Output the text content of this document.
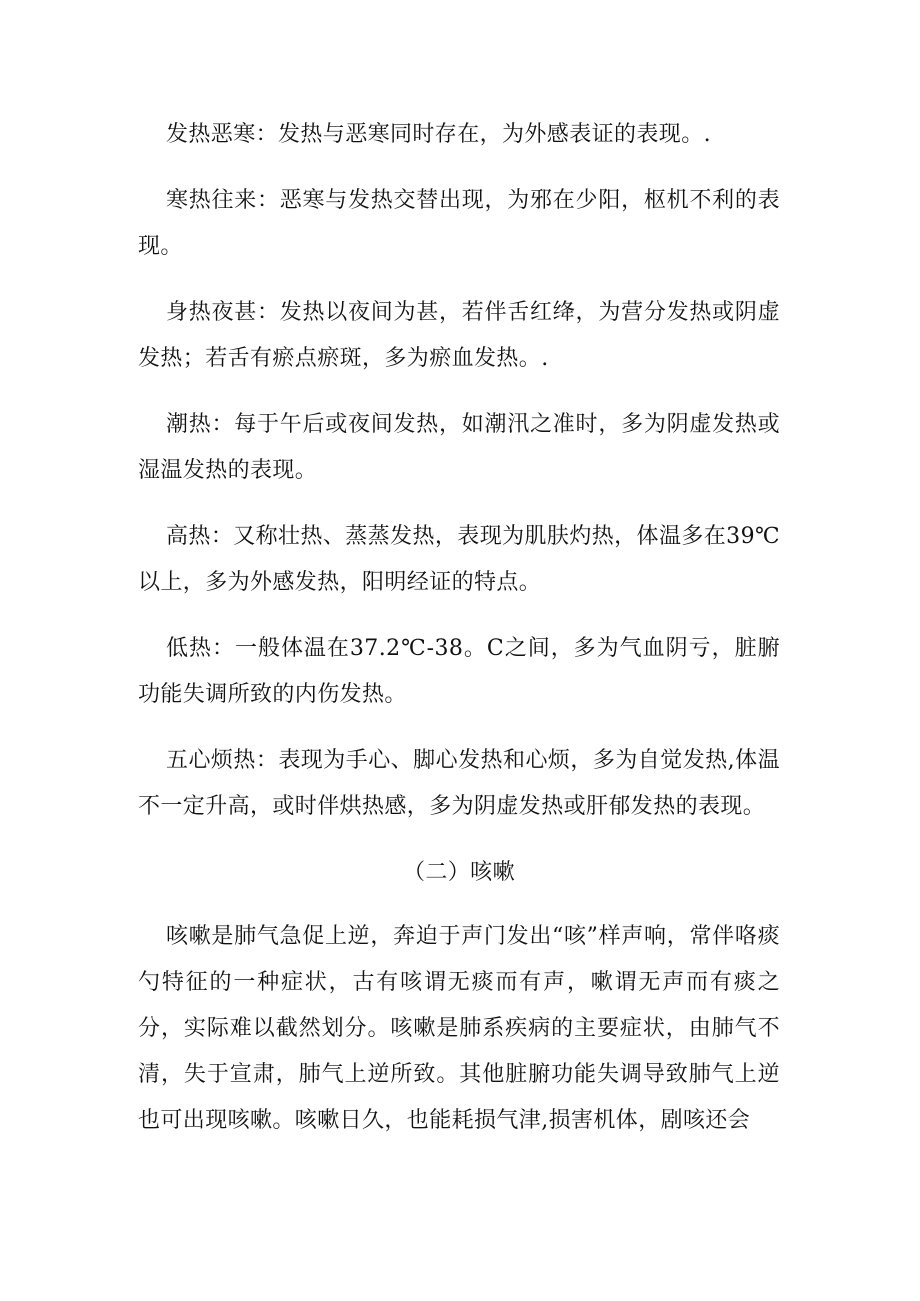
发热恶寒：发热与恶寒同时存在，为外感表证的表现。.

寒热往来：恶寒与发热交替出现，为邪在少阳，枢机不利的表现。

身热夜甚：发热以夜间为甚，若伴舌红绛，为营分发热或阴虚发热；若舌有瘀点瘀斑，多为瘀血发热。.

潮热：每于午后或夜间发热，如潮汛之准时，多为阴虚发热或湿温发热的表现。

高热：又称壮热、蒸蒸发热，表现为肌肤灼热，体温多在39℃以上，多为外感发热，阳明经证的特点。

低热：一般体温在37.2℃-38。C之间，多为气血阴亏，脏腑功能失调所致的内伤发热。

五心烦热：表现为手心、脚心发热和心烦，多为自觉发热,体温不一定升高，或时伴烘热感，多为阴虚发热或肝郁发热的表现。

（二）咳嗽

咳嗽是肺气急促上逆，奔迫于声门发出“咳”样声响，常伴咯痰勺特征的一种症状，古有咳谓无痰而有声，嗽谓无声而有痰之分，实际难以截然划分。咳嗽是肺系疾病的主要症状，由肺气不清，失于宣肃，肺气上逆所致。其他脏腑功能失调导致肺气上逆也可出现咳嗽。咳嗽日久，也能耗损气津,损害机体，剧咳还会
